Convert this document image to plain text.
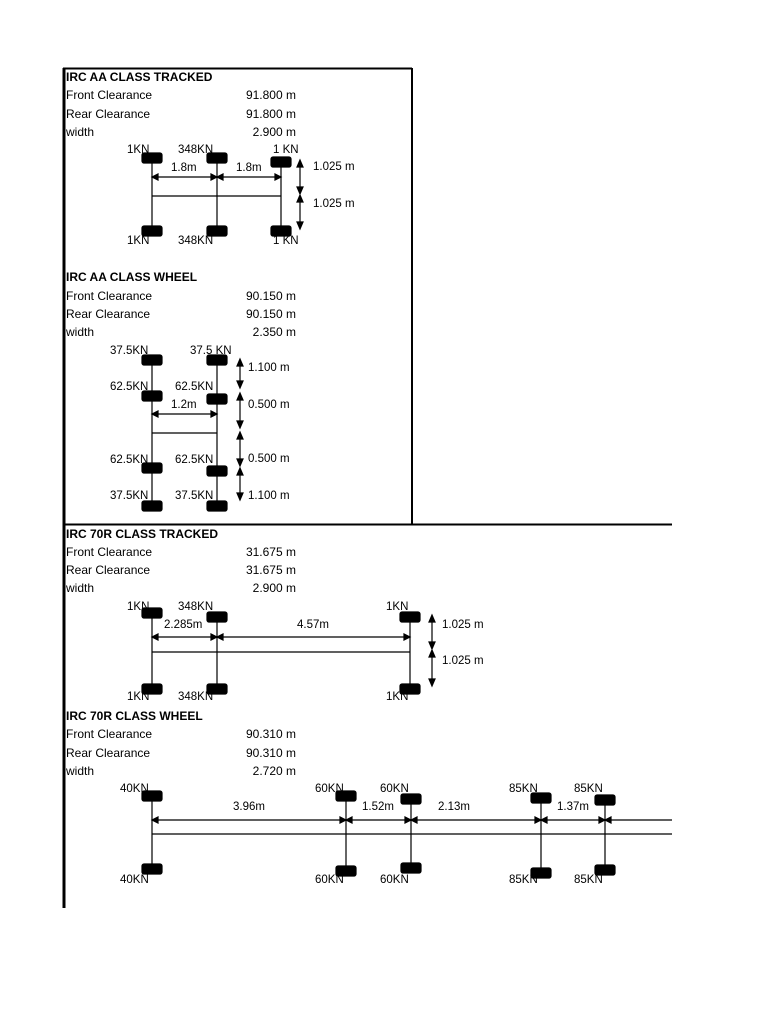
IRC AA CLASS TRACKED
Front Clearance	91.800 m
Rear Clearance	91.800 m
width	2.900 m
1KN 348KN	1 KN
1KN 348KN	1 KN
1.8m	1.8m	1.025 m
1.025 m
IRC AA CLASS WHEEL
Front Clearance	90.150 m
Rear Clearance	90.150 m
width	2.350 m
37.5KN	37.5 KN
62.5KN 62.5KN
62.5KN 62.5KN
37.5KN 37.5KN
1.2m
1.100 m
0.500 m
0.500 m
1.100 m
IRC 70R CLASS TRACKED
Front Clearance	31.675 m
Rear Clearance	31.675 m
width	2.900 m
1KN 348KN	1KN
1KN 348KN	1KN
2.285m	4.57m	1.025 m
1.025 m
IRC 70R CLASS WHEEL
Front Clearance	90.310 m
Rear Clearance	90.310 m
width	2.720 m
40KN	60KN	60KN	85KN	85KN
40KN	60KN	60KN	85KN	85KN
3.96m	1.52m	2.13m	1.37m
